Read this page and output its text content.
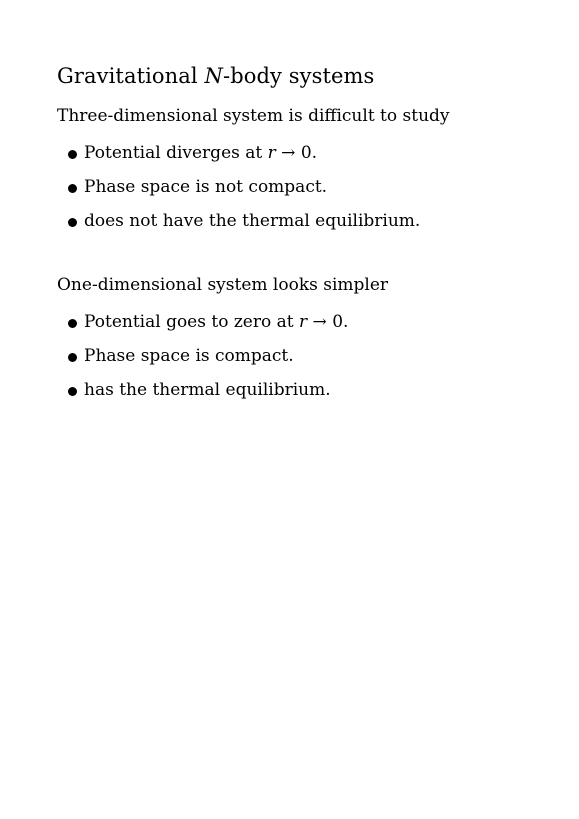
Gravitational N-body systems
Three-dimensional system is difficult to study
Potential diverges at r → 0.
Phase space is not compact.
does not have the thermal equilibrium.
One-dimensional system looks simpler
Potential goes to zero at r → 0.
Phase space is compact.
has the thermal equilibrium.
